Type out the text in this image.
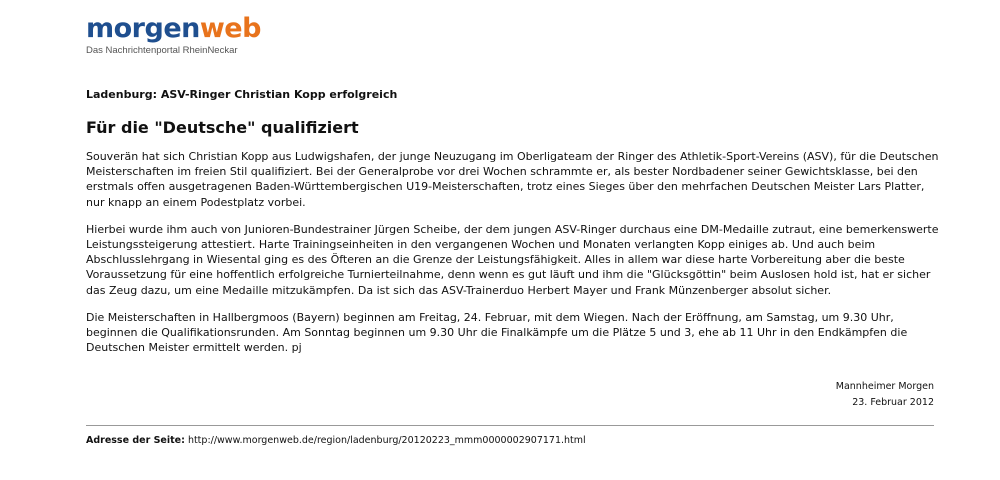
morgenweb
Das Nachrichtenportal RheinNeckar
Ladenburg: ASV-Ringer Christian Kopp erfolgreich
Für die "Deutsche" qualifiziert

Souverän hat sich Christian Kopp aus Ludwigshafen, der junge Neuzugang im Oberligateam der Ringer des Athletik-Sport-Vereins (ASV), für die Deutschen Meisterschaften im freien Stil qualifiziert. Bei der Generalprobe vor drei Wochen schrammte er, als bester Nordbadener seiner Gewichtsklasse, bei den erstmals offen ausgetragenen Baden-Württembergischen U19-Meisterschaften, trotz eines Sieges über den mehrfachen Deutschen Meister Lars Platter, nur knapp an einem Podestplatz vorbei.

Hierbei wurde ihm auch von Junioren-Bundestrainer Jürgen Scheibe, der dem jungen ASV-Ringer durchaus eine DM-Medaille zutraut, eine bemerkenswerte Leistungssteigerung attestiert. Harte Trainingseinheiten in den vergangenen Wochen und Monaten verlangten Kopp einiges ab. Und auch beim Abschlusslehrgang in Wiesental ging es des Öfteren an die Grenze der Leistungsfähigkeit. Alles in allem war diese harte Vorbereitung aber die beste Voraussetzung für eine hoffentlich erfolgreiche Turnierteilnahme, denn wenn es gut läuft und ihm die "Glücksgöttin" beim Auslosen hold ist, hat er sicher das Zeug dazu, um eine Medaille mitzukämpfen. Da ist sich das ASV-Trainerduo Herbert Mayer und Frank Münzenberger absolut sicher.

Die Meisterschaften in Hallbergmoos (Bayern) beginnen am Freitag, 24. Februar, mit dem Wiegen. Nach der Eröffnung, am Samstag, um 9.30 Uhr, beginnen die Qualifikationsrunden. Am Sonntag beginnen um 9.30 Uhr die Finalkämpfe um die Plätze 5 und 3, ehe ab 11 Uhr in den Endkämpfen die Deutschen Meister ermittelt werden. pj

Mannheimer Morgen
23. Februar 2012
Adresse der Seite: http://www.morgenweb.de/region/ladenburg/20120223_mmm0000002907171.html
